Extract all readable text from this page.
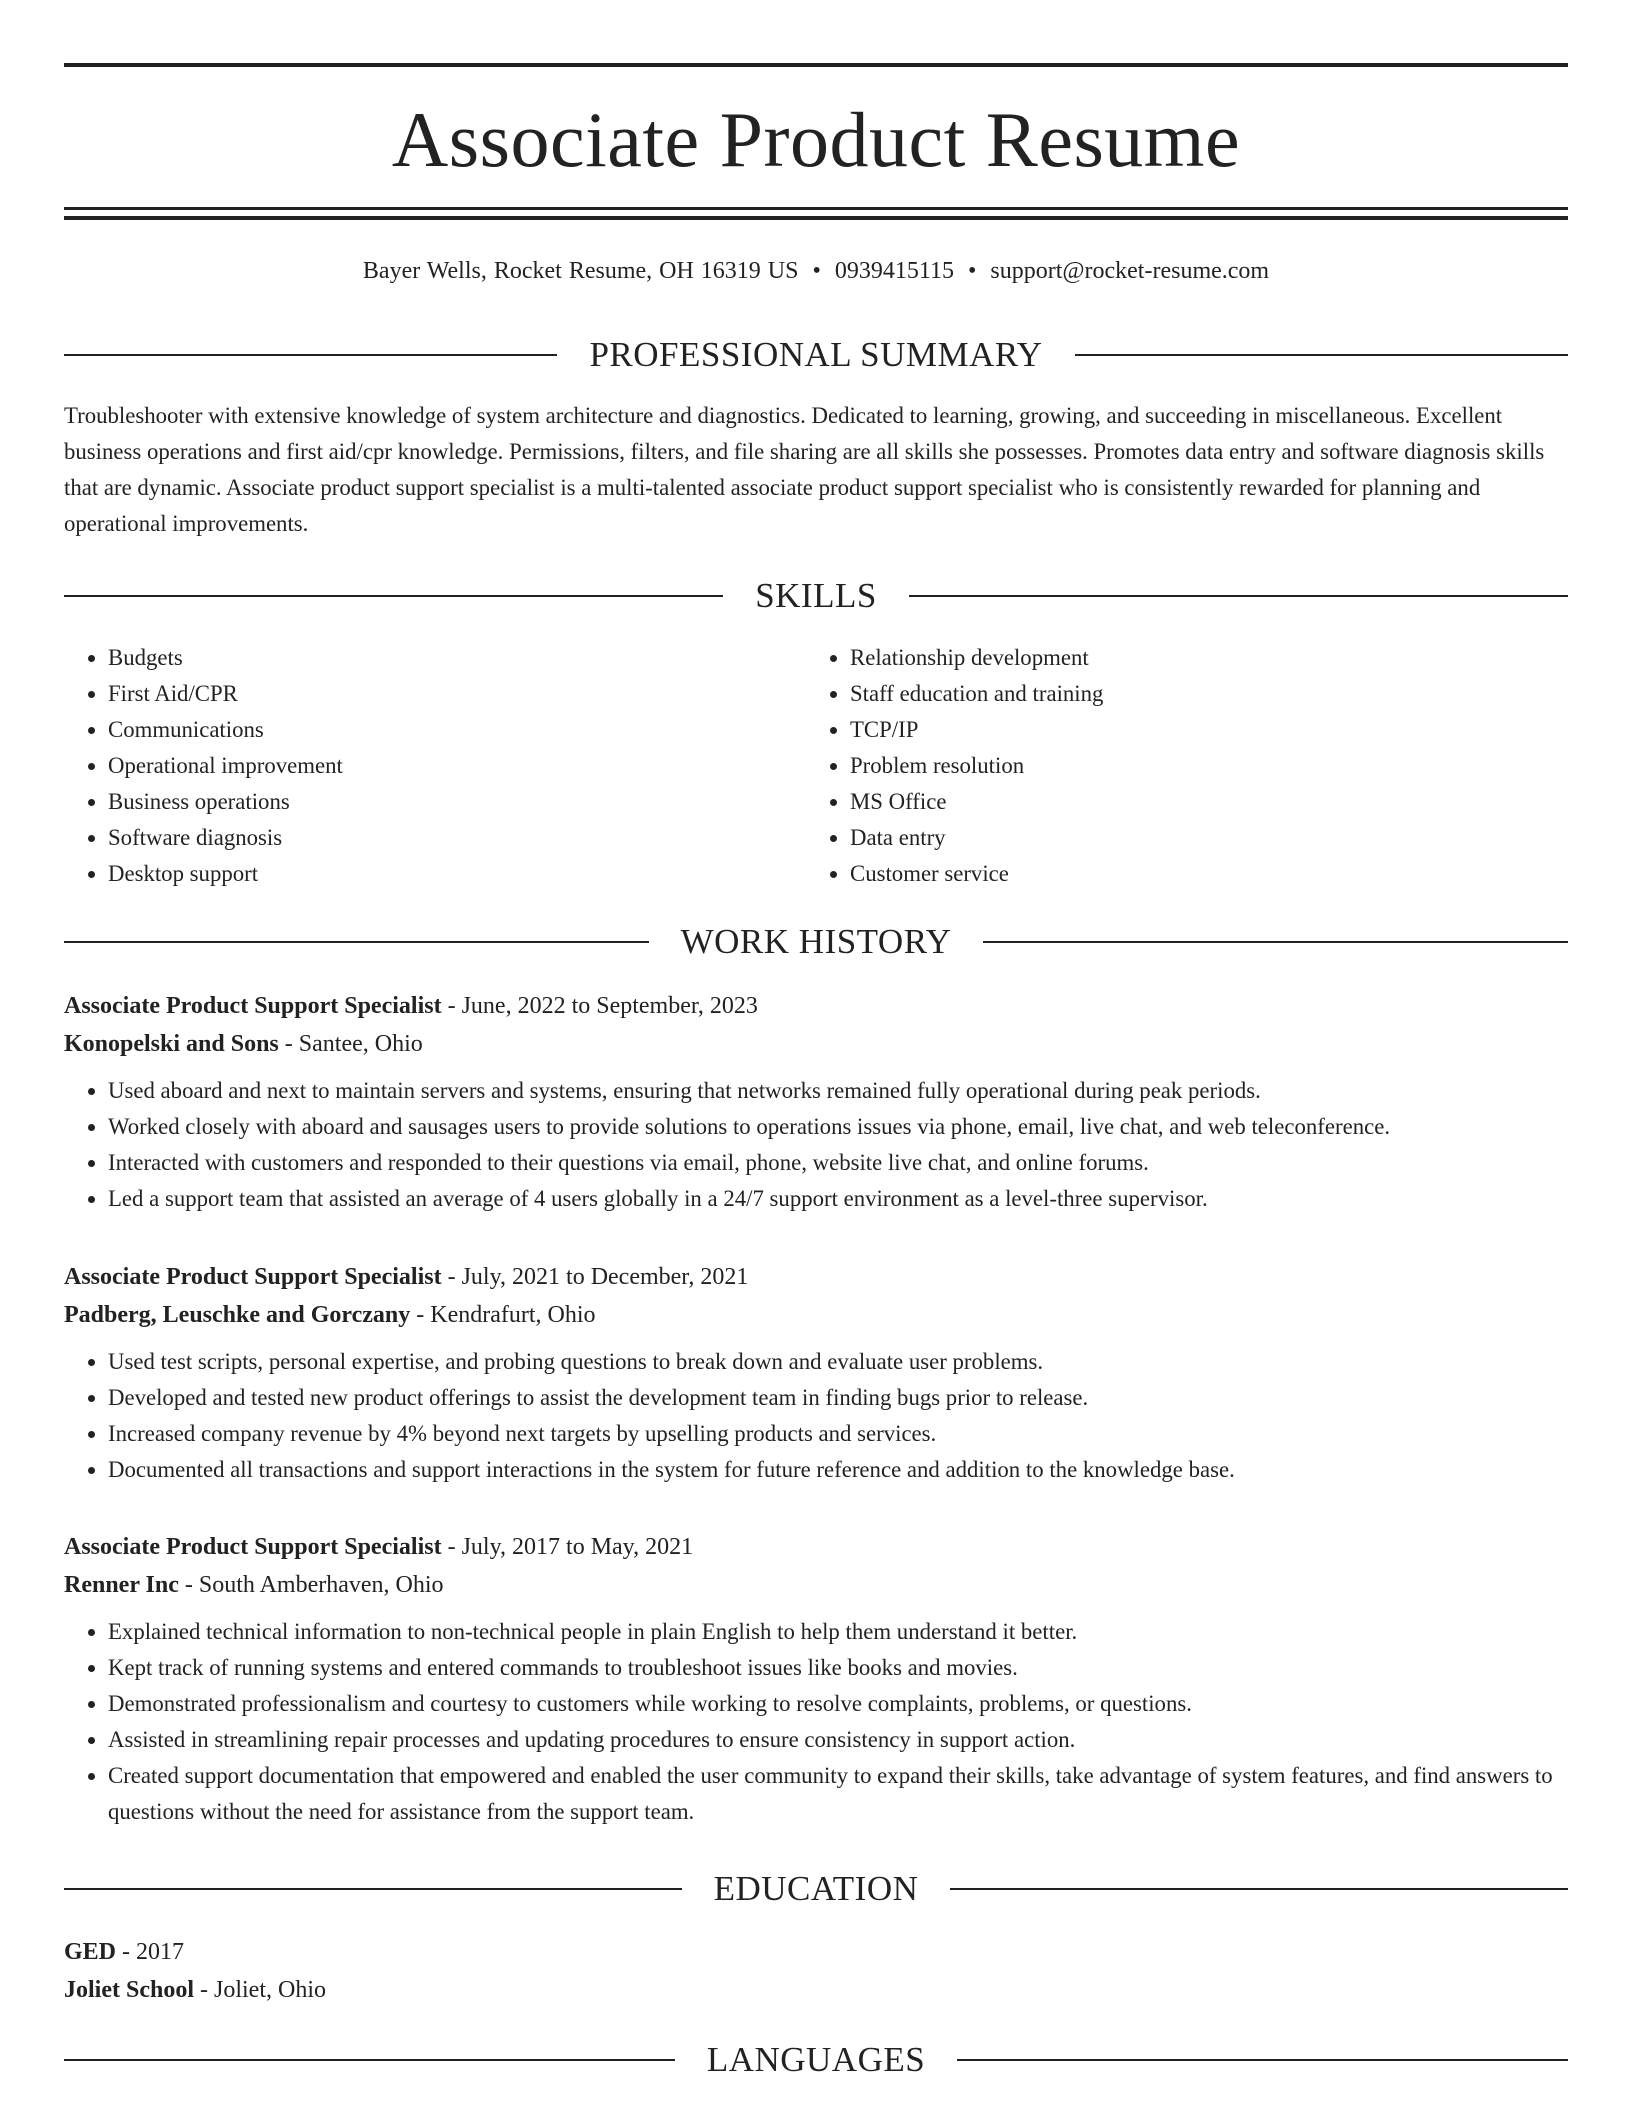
Associate Product Resume
Bayer Wells, Rocket Resume, OH 16319 US • 0939415115 • support@rocket-resume.com
PROFESSIONAL SUMMARY
Troubleshooter with extensive knowledge of system architecture and diagnostics. Dedicated to learning, growing, and succeeding in miscellaneous. Excellent business operations and first aid/cpr knowledge. Permissions, filters, and file sharing are all skills she possesses. Promotes data entry and software diagnosis skills that are dynamic. Associate product support specialist is a multi-talented associate product support specialist who is consistently rewarded for planning and operational improvements.
SKILLS
• Budgets
• First Aid/CPR
• Communications
• Operational improvement
• Business operations
• Software diagnosis
• Desktop support
• Relationship development
• Staff education and training
• TCP/IP
• Problem resolution
• MS Office
• Data entry
• Customer service
WORK HISTORY
Associate Product Support Specialist - June, 2022 to September, 2023
Konopelski and Sons - Santee, Ohio
• Used aboard and next to maintain servers and systems, ensuring that networks remained fully operational during peak periods.
• Worked closely with aboard and sausages users to provide solutions to operations issues via phone, email, live chat, and web teleconference.
• Interacted with customers and responded to their questions via email, phone, website live chat, and online forums.
• Led a support team that assisted an average of 4 users globally in a 24/7 support environment as a level-three supervisor.
Associate Product Support Specialist - July, 2021 to December, 2021
Padberg, Leuschke and Gorczany - Kendrafurt, Ohio
• Used test scripts, personal expertise, and probing questions to break down and evaluate user problems.
• Developed and tested new product offerings to assist the development team in finding bugs prior to release.
• Increased company revenue by 4% beyond next targets by upselling products and services.
• Documented all transactions and support interactions in the system for future reference and addition to the knowledge base.
Associate Product Support Specialist - July, 2017 to May, 2021
Renner Inc - South Amberhaven, Ohio
• Explained technical information to non-technical people in plain English to help them understand it better.
• Kept track of running systems and entered commands to troubleshoot issues like books and movies.
• Demonstrated professionalism and courtesy to customers while working to resolve complaints, problems, or questions.
• Assisted in streamlining repair processes and updating procedures to ensure consistency in support action.
• Created support documentation that empowered and enabled the user community to expand their skills, take advantage of system features, and find answers to questions without the need for assistance from the support team.
EDUCATION
GED - 2017
Joliet School - Joliet, Ohio
LANGUAGES
